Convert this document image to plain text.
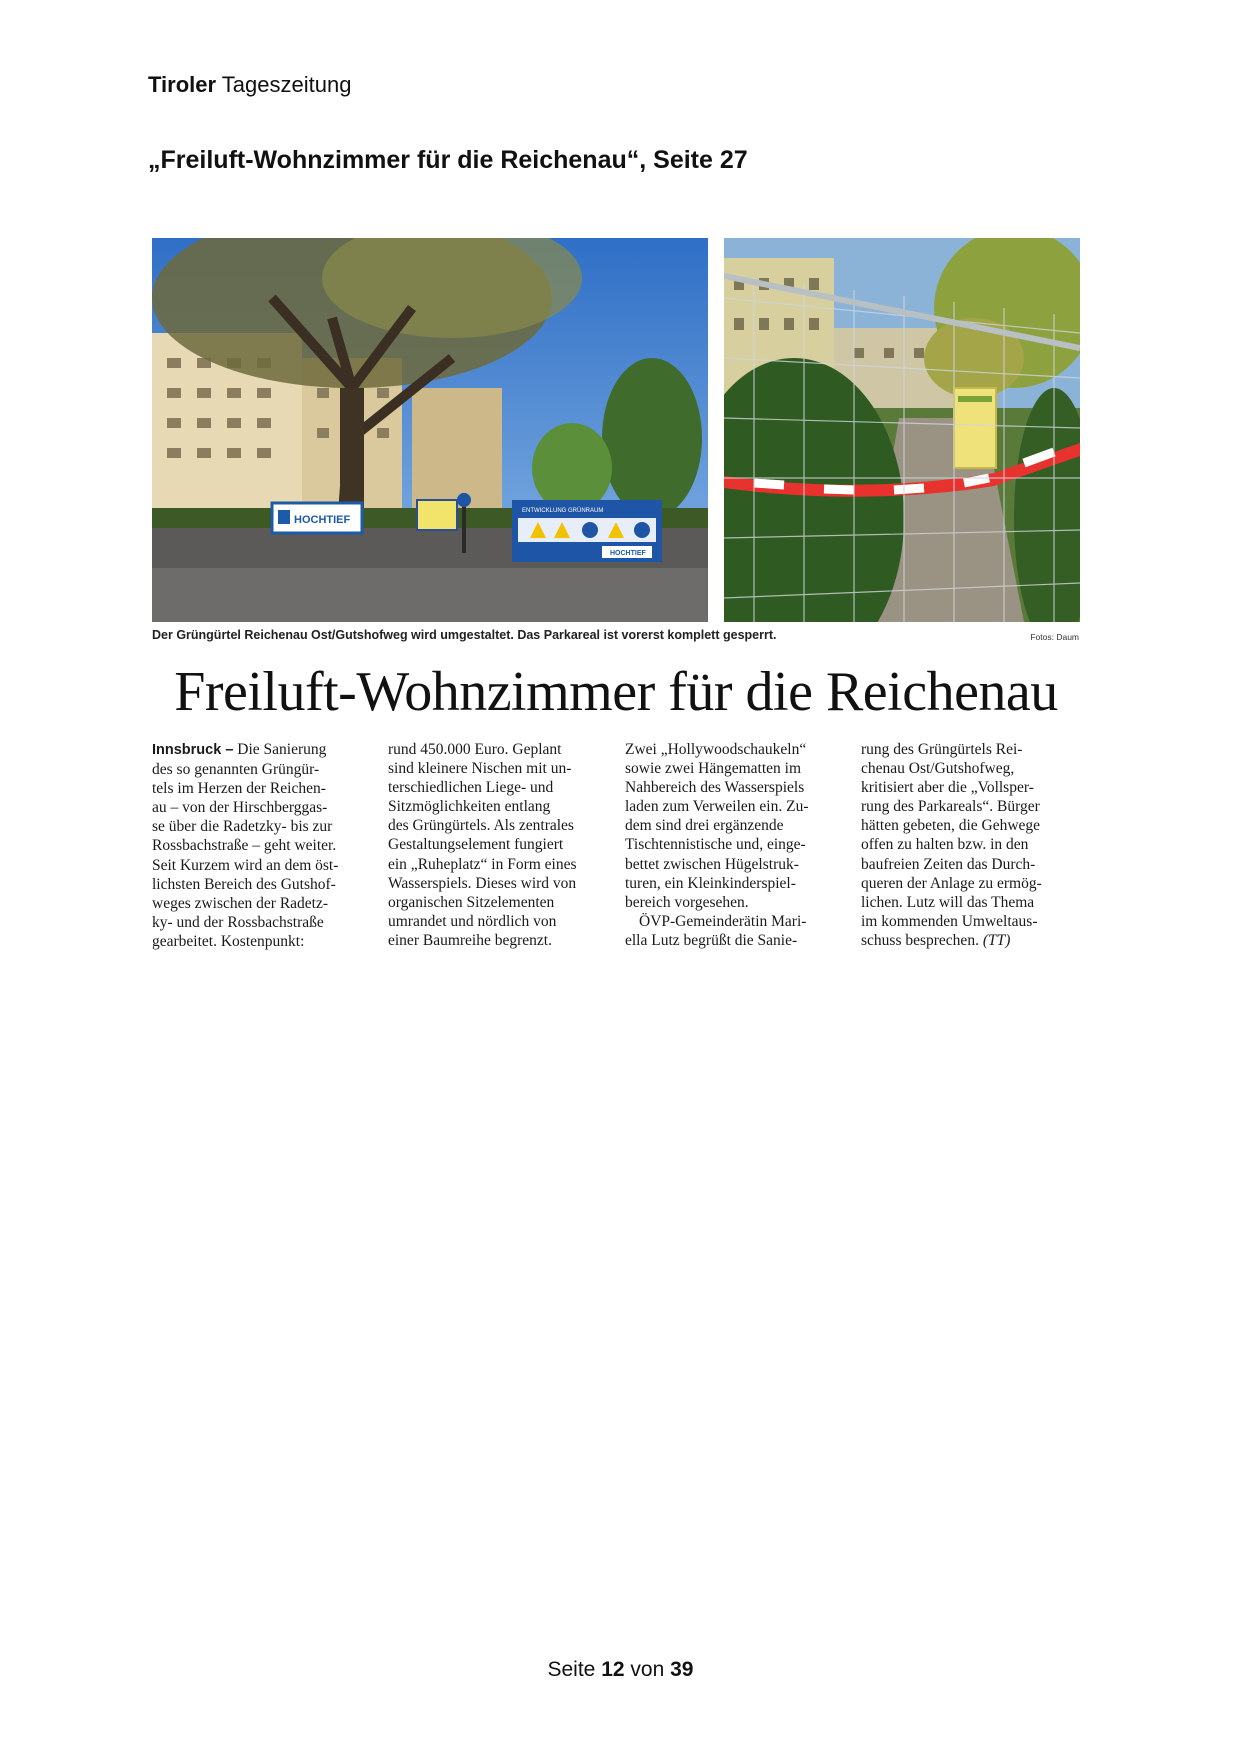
Tiroler Tageszeitung
„Freiluft-Wohnzimmer für die Reichenau“, Seite 27
HOCHTIEF
ENTWICKLUNG GRÜNRAUM
HOCHTIEF
Der Grüngürtel Reichenau Ost/Gutshofweg wird umgestaltet. Das Parkareal ist vorerst komplett gesperrt.	Fotos: Daum
Freiluft-Wohnzimmer für die Reichenau
Innsbruck – Die Sanierung
des so genannten Grüngür-
tels im Herzen der Reichen-
au – von der Hirschberggas-
se über die Radetzky- bis zur
Rossbachstraße – geht weiter.
Seit Kurzem wird an dem öst-
lichsten Bereich des Gutshof-
weges zwischen der Radetz-
ky- und der Rossbachstraße
gearbeitet. Kostenpunkt:
rund 450.000 Euro. Geplant
sind kleinere Nischen mit un-
terschiedlichen Liege- und
Sitzmöglichkeiten entlang
des Grüngürtels. Als zentrales
Gestaltungselement fungiert
ein „Ruheplatz“ in Form eines
Wasserspiels. Dieses wird von
organischen Sitzelementen
umrandet und nördlich von
einer Baumreihe begrenzt.
Zwei „Hollywoodschaukeln“
sowie zwei Hängematten im
Nahbereich des Wasserspiels
laden zum Verweilen ein. Zu-
dem sind drei ergänzende
Tischtennistische und, einge-
bettet zwischen Hügelstruk-
turen, ein Kleinkinderspiel-
bereich vorgesehen.
ÖVP-Gemeinderätin Mari-
ella Lutz begrüßt die Sanie-
rung des Grüngürtels Rei-
chenau Ost/Gutshofweg,
kritisiert aber die „Vollsper-
rung des Parkareals“. Bürger
hätten gebeten, die Gehwege
offen zu halten bzw. in den
baufreien Zeiten das Durch-
queren der Anlage zu ermög-
lichen. Lutz will das Thema
im kommenden Umweltaus-
schuss besprechen. (TT)
Seite 12 von 39
